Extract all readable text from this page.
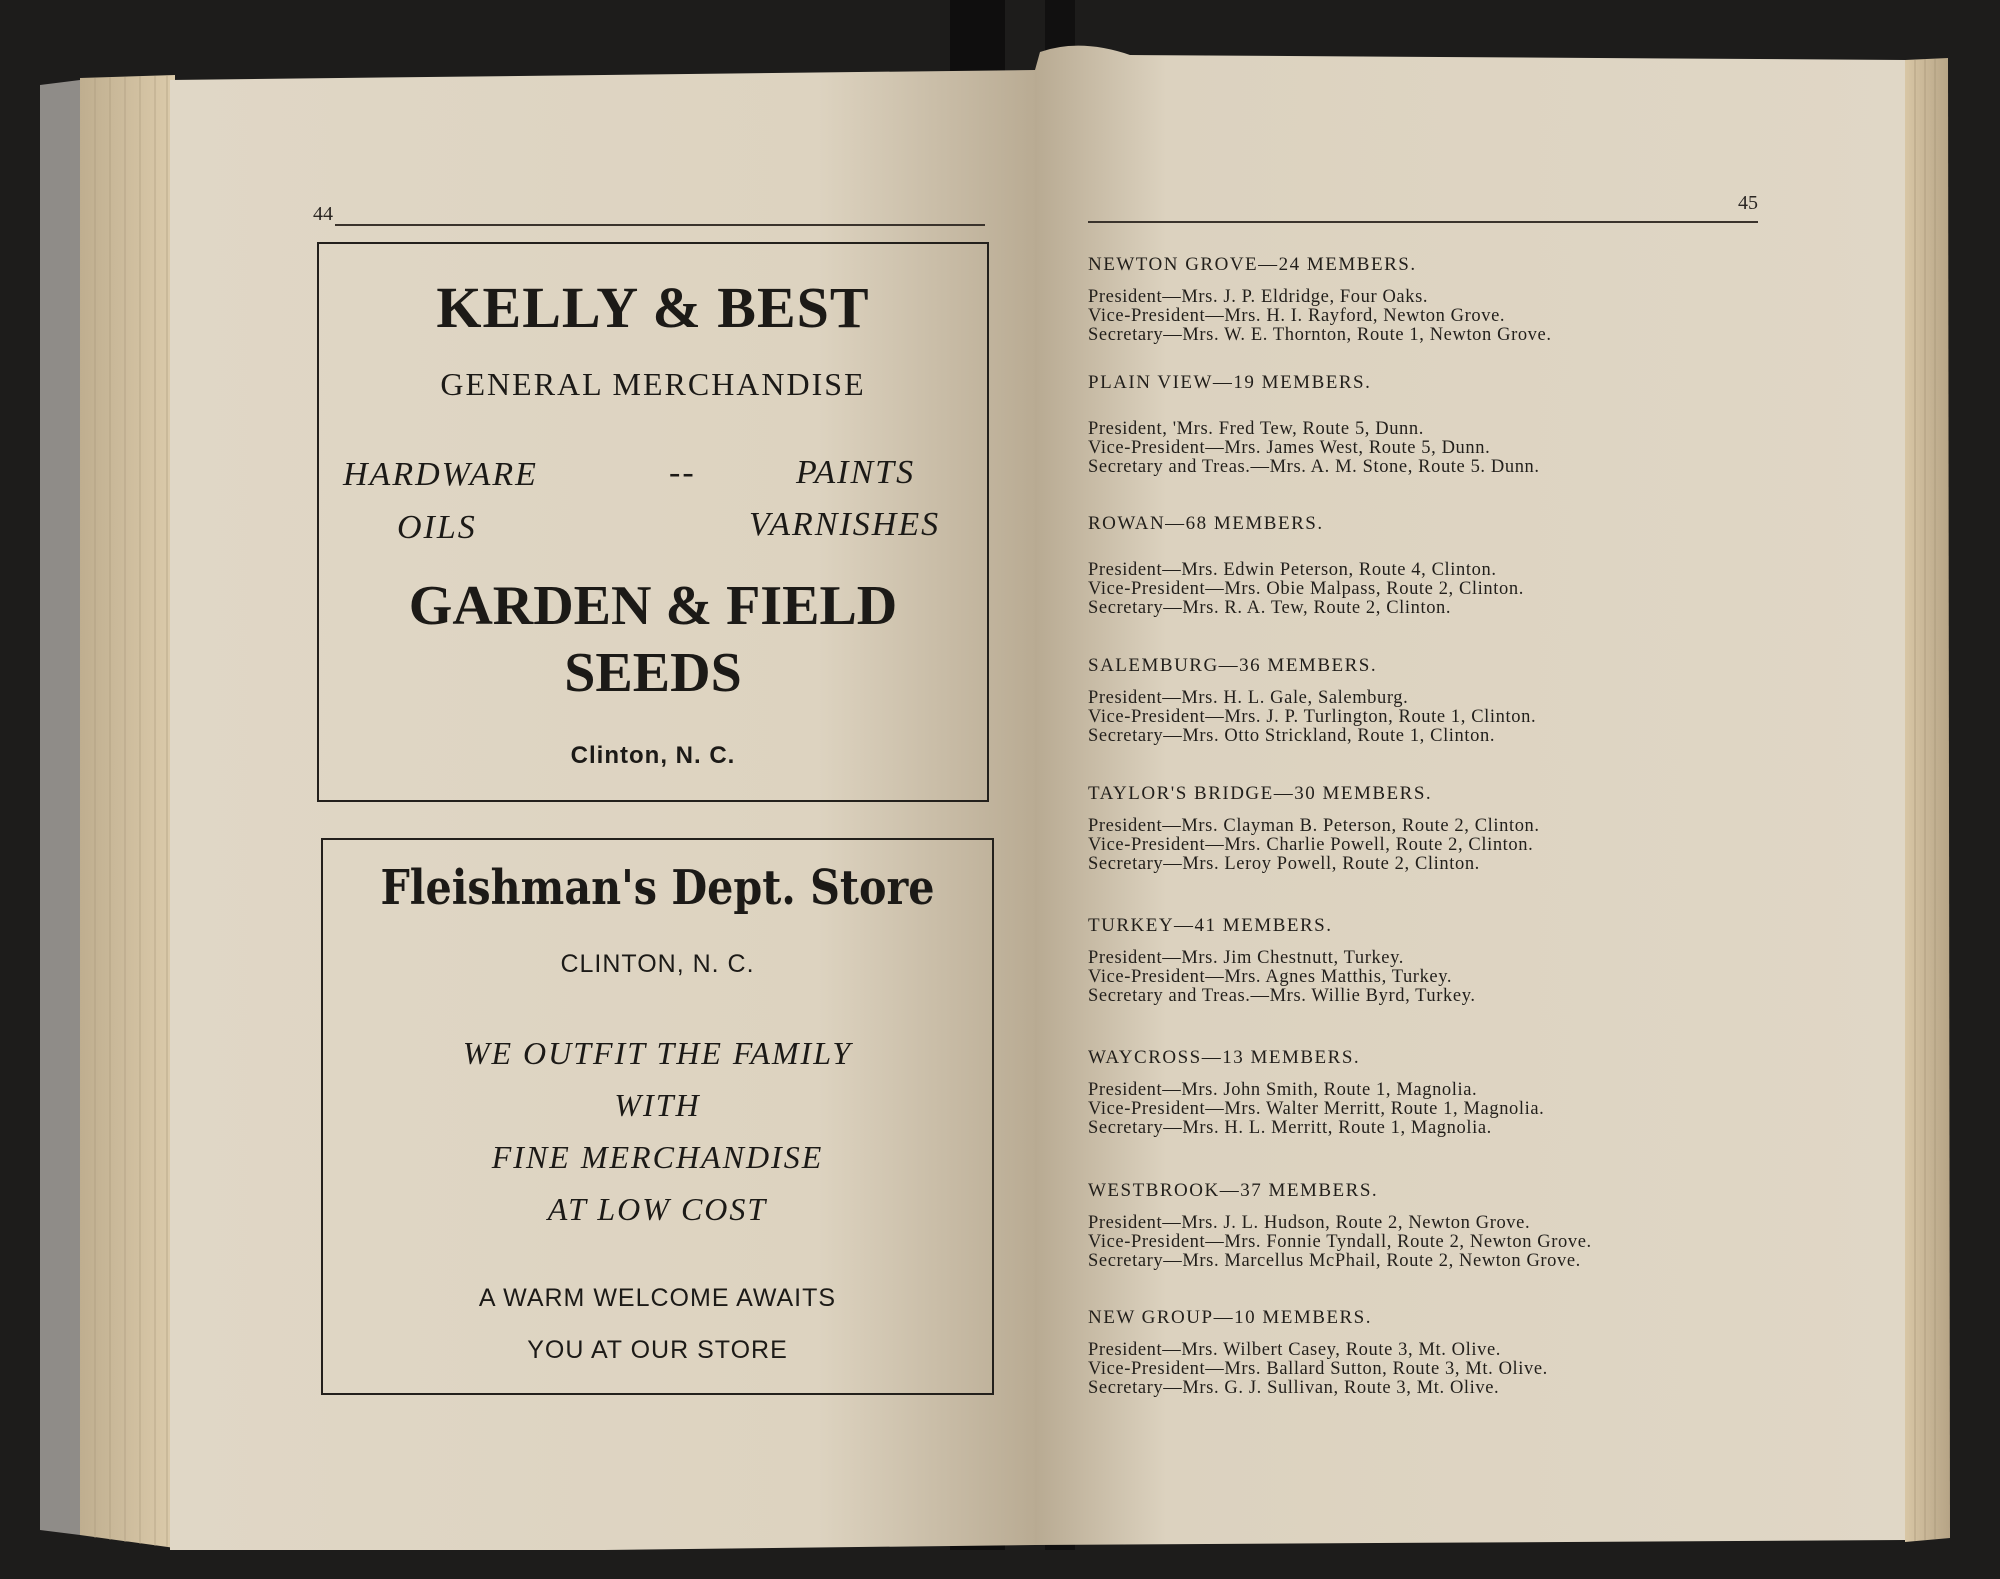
44
KELLY & BEST
GENERAL MERCHANDISE
HARDWARE	--	PAINTS
OILS	VARNISHES
GARDEN & FIELD
SEEDS
Clinton, N. C.
Fleishman's Dept. Store
CLINTON, N. C.
WE OUTFIT THE FAMILY
WITH
FINE MERCHANDISE
AT LOW COST
A WARM WELCOME AWAITS
YOU AT OUR STORE
45
NEWTON GROVE—24 MEMBERS.
President—Mrs. J. P. Eldridge, Four Oaks.
Vice-President—Mrs. H. I. Rayford, Newton Grove.
Secretary—Mrs. W. E. Thornton, Route 1, Newton Grove.
PLAIN VIEW—19 MEMBERS.
President, 'Mrs. Fred Tew, Route 5, Dunn.
Vice-President—Mrs. James West, Route 5, Dunn.
Secretary and Treas.—Mrs. A. M. Stone, Route 5. Dunn.
ROWAN—68 MEMBERS.
President—Mrs. Edwin Peterson, Route 4, Clinton.
Vice-President—Mrs. Obie Malpass, Route 2, Clinton.
Secretary—Mrs. R. A. Tew, Route 2, Clinton.
SALEMBURG—36 MEMBERS.
President—Mrs. H. L. Gale, Salemburg.
Vice-President—Mrs. J. P. Turlington, Route 1, Clinton.
Secretary—Mrs. Otto Strickland, Route 1, Clinton.
TAYLOR'S BRIDGE—30 MEMBERS.
President—Mrs. Clayman B. Peterson, Route 2, Clinton.
Vice-President—Mrs. Charlie Powell, Route 2, Clinton.
Secretary—Mrs. Leroy Powell, Route 2, Clinton.
TURKEY—41 MEMBERS.
President—Mrs. Jim Chestnutt, Turkey.
Vice-President—Mrs. Agnes Matthis, Turkey.
Secretary and Treas.—Mrs. Willie Byrd, Turkey.
WAYCROSS—13 MEMBERS.
President—Mrs. John Smith, Route 1, Magnolia.
Vice-President—Mrs. Walter Merritt, Route 1, Magnolia.
Secretary—Mrs. H. L. Merritt, Route 1, Magnolia.
WESTBROOK—37 MEMBERS.
President—Mrs. J. L. Hudson, Route 2, Newton Grove.
Vice-President—Mrs. Fonnie Tyndall, Route 2, Newton Grove.
Secretary—Mrs. Marcellus McPhail, Route 2, Newton Grove.
NEW GROUP—10 MEMBERS.
President—Mrs. Wilbert Casey, Route 3, Mt. Olive.
Vice-President—Mrs. Ballard Sutton, Route 3, Mt. Olive.
Secretary—Mrs. G. J. Sullivan, Route 3, Mt. Olive.
